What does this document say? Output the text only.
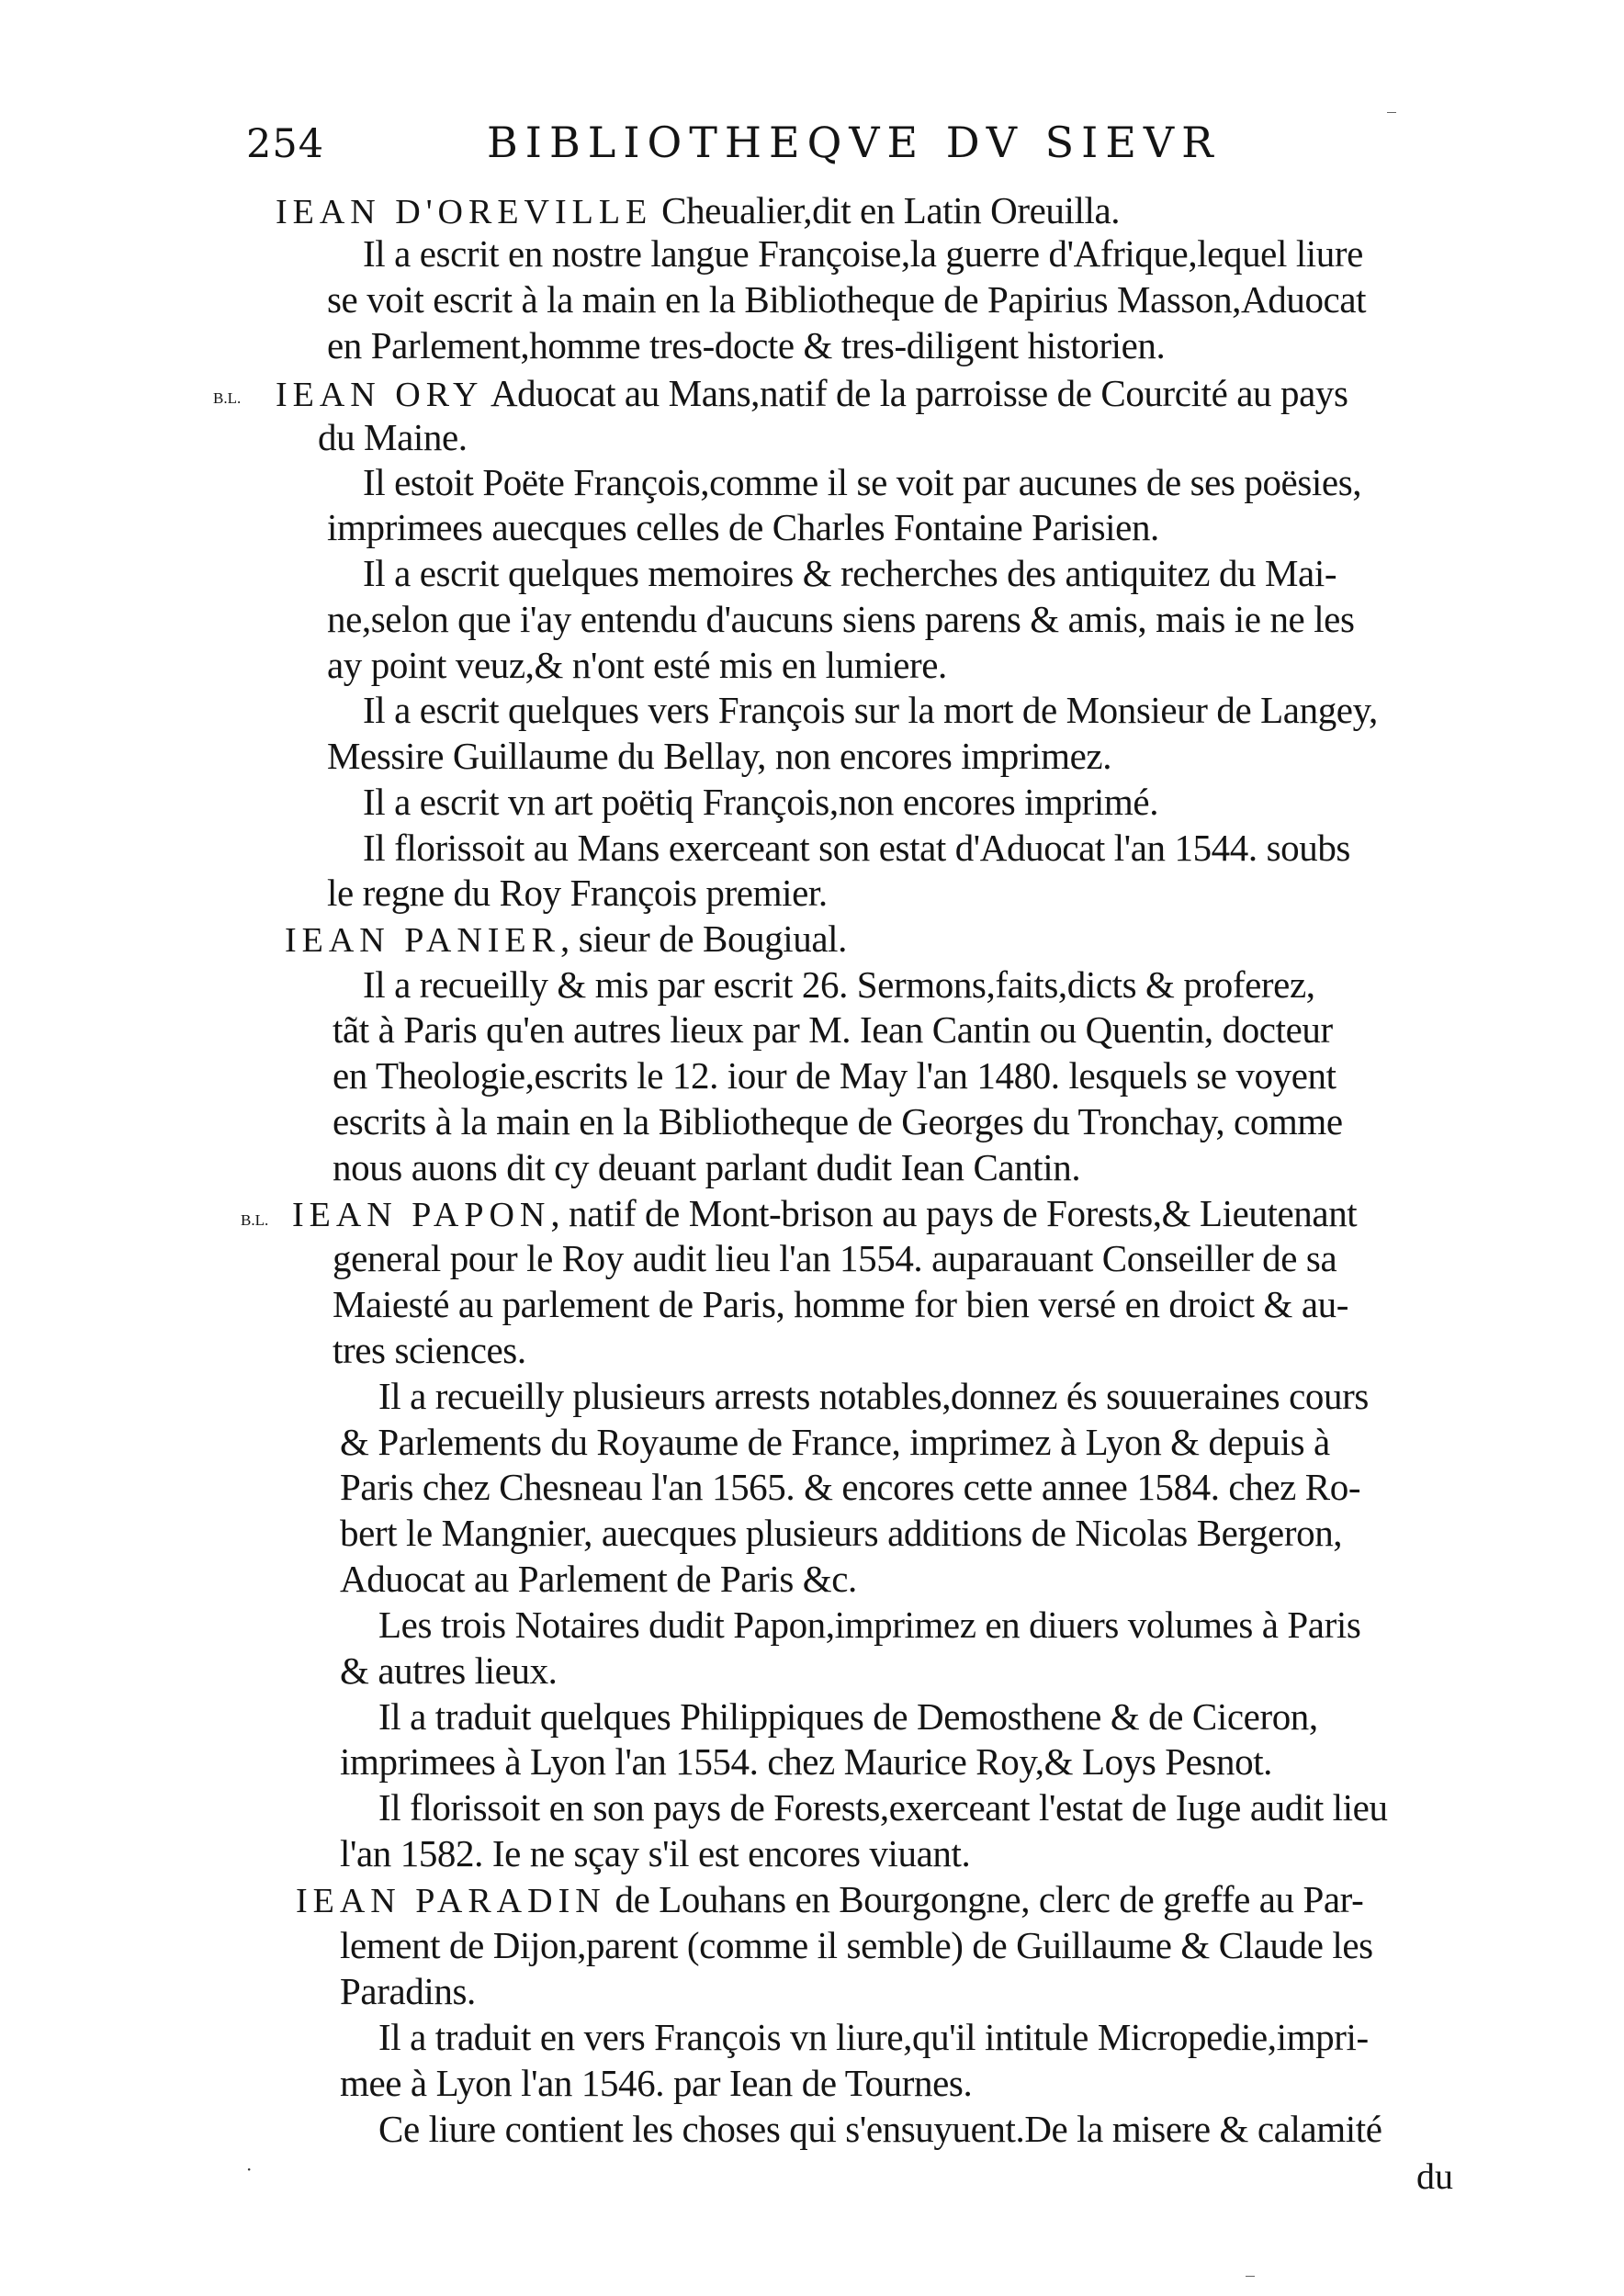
254	BIBLIOTHEQVE DV SIEVR
IEAN D'OREVILLE Cheualier,dit en Latin Oreuilla.
Il a escrit en nostre langue Françoise,la guerre d'Afrique,lequel liure
se voit escrit à la main en la Bibliotheque de Papirius Masson,Aduocat
en Parlement,homme tres-docte & tres-diligent historien.
B.L. IEAN ORY Aduocat au Mans,natif de la parroisse de Courcité au pays
du Maine.
Il estoit Poëte François,comme il se voit par aucunes de ses poësies,
imprimees auecques celles de Charles Fontaine Parisien.
Il a escrit quelques memoires & recherches des antiquitez du Mai-
ne,selon que i'ay entendu d'aucuns siens parens & amis, mais ie ne les
ay point veuz,& n'ont esté mis en lumiere.
Il a escrit quelques vers François sur la mort de Monsieur de Langey,
Messire Guillaume du Bellay, non encores imprimez.
Il a escrit vn art poëtiq François,non encores imprimé.
Il florissoit au Mans exerceant son estat d'Aduocat l'an 1544. soubs
le regne du Roy François premier.
IEAN PANIER, sieur de Bougiual.
Il a recueilly & mis par escrit 26. Sermons,faits,dicts & proferez,
tãt à Paris qu'en autres lieux par M. Iean Cantin ou Quentin, docteur
en Theologie,escrits le 12. iour de May l'an 1480. lesquels se voyent
escrits à la main en la Bibliotheque de Georges du Tronchay, comme
nous auons dit cy deuant parlant dudit Iean Cantin.
B.L. IEAN PAPON, natif de Mont-brison au pays de Forests,& Lieutenant
general pour le Roy audit lieu l'an 1554. auparauant Conseiller de sa
Maiesté au parlement de Paris, homme for bien versé en droict & au-
tres sciences.
Il a recueilly plusieurs arrests notables,donnez és souueraines cours
& Parlements du Royaume de France, imprimez à Lyon & depuis à
Paris chez Chesneau l'an 1565. & encores cette annee 1584. chez Ro-
bert le Mangnier, auecques plusieurs additions de Nicolas Bergeron,
Aduocat au Parlement de Paris &c.
Les trois Notaires dudit Papon,imprimez en diuers volumes à Paris
& autres lieux.
Il a traduit quelques Philippiques de Demosthene & de Ciceron,
imprimees à Lyon l'an 1554. chez Maurice Roy,& Loys Pesnot.
Il florissoit en son pays de Forests,exerceant l'estat de Iuge audit lieu
l'an 1582. Ie ne sçay s'il est encores viuant.
IEAN PARADIN de Louhans en Bourgongne, clerc de greffe au Par-
lement de Dijon,parent (comme il semble) de Guillaume & Claude les
Paradins.
Il a traduit en vers François vn liure,qu'il intitule Micropedie,impri-
mee à Lyon l'an 1546. par Iean de Tournes.
Ce liure contient les choses qui s'ensuyuent.De la misere & calamité
du
‾
·
‾
